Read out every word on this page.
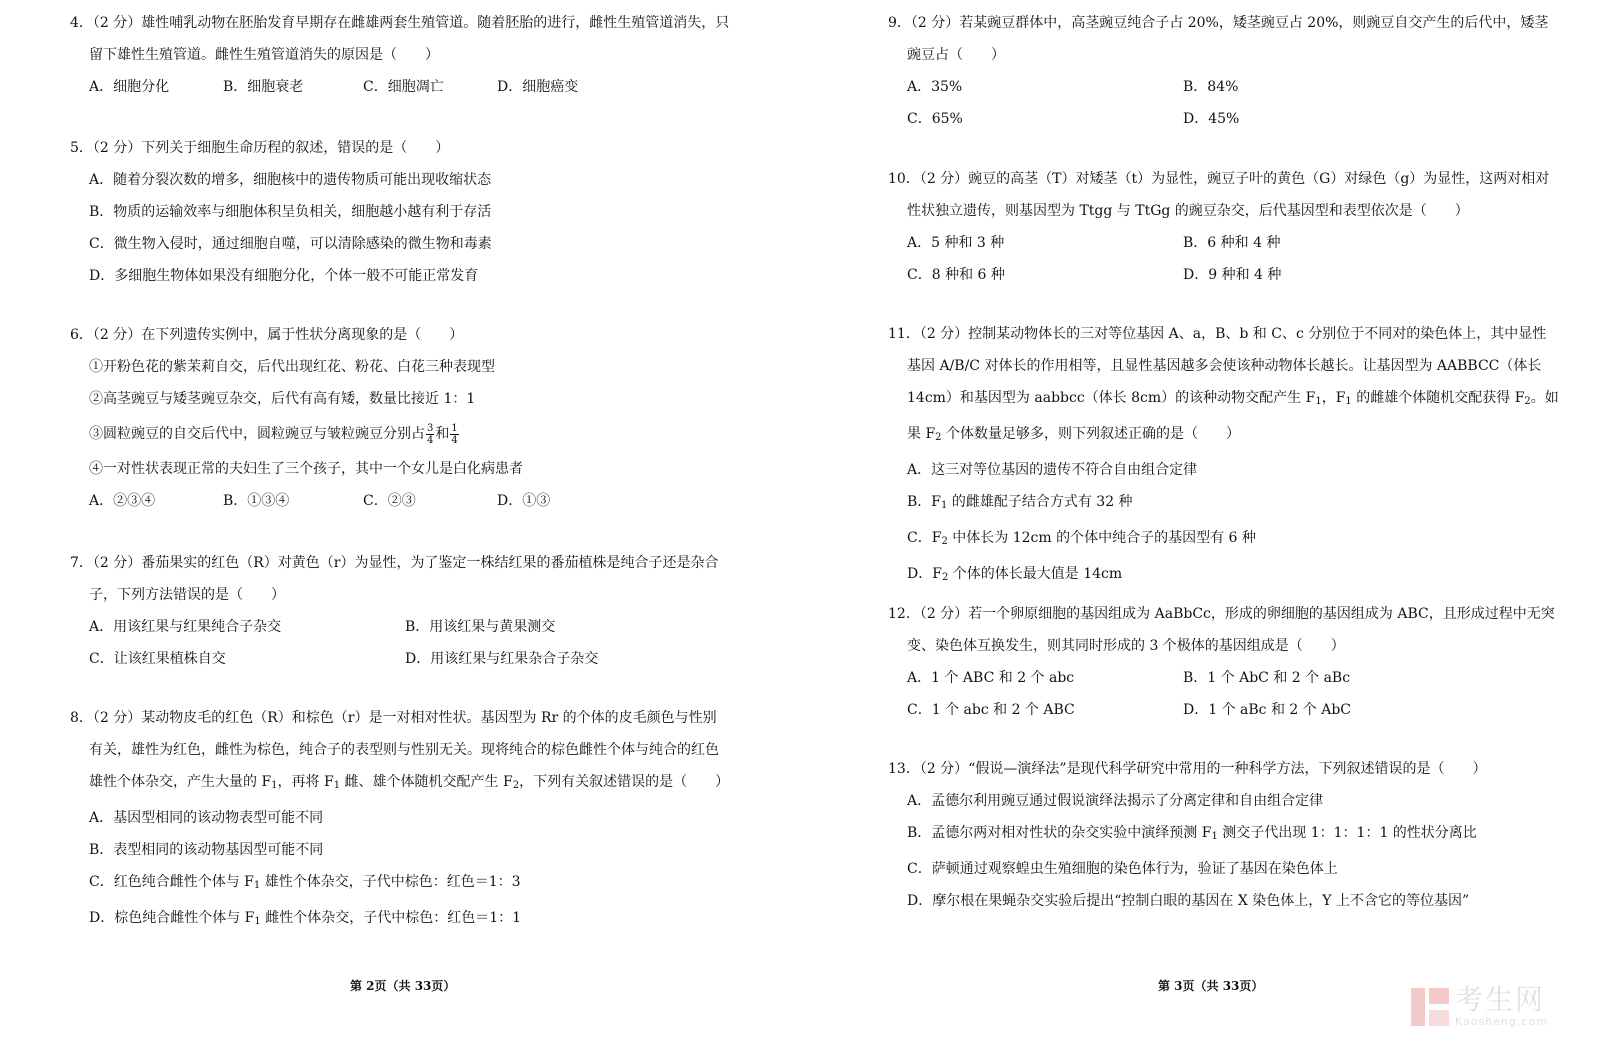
4．（2 分）雄性哺乳动物在胚胎发育早期存在雌雄两套生殖管道。随着胚胎的进行，雌性生殖管道消失，只留下雄性生殖管道。雌性生殖管道消失的原因是（　　）
A．细胞分化	B．细胞衰老	C．细胞凋亡	D．细胞癌变
5．（2 分）下列关于细胞生命历程的叙述，错误的是（　　）
A．随着分裂次数的增多，细胞核中的遗传物质可能出现收缩状态
B．物质的运输效率与细胞体积呈负相关，细胞越小越有利于存活
C．微生物入侵时，通过细胞自噬，可以清除感染的微生物和毒素
D．多细胞生物体如果没有细胞分化，个体一般不可能正常发育
6．（2 分）在下列遗传实例中，属于性状分离现象的是（　　）
①开粉色花的紫茉莉自交，后代出现红花、粉花、白花三种表现型
②高茎豌豆与矮茎豌豆杂交，后代有高有矮，数量比接近 1：1
③圆粒豌豆的自交后代中，圆粒豌豆与皱粒豌豆分别占 $\frac{3}{4}$ 和 $\frac{1}{4}$
④一对性状表现正常的夫妇生了三个孩子，其中一个女儿是白化病患者
A．②③④	B．①③④	C．②③	D．①③
7．（2 分）番茄果实的红色（R）对黄色（r）为显性，为了鉴定一株结红果的番茄植株是纯合子还是杂合子，下列方法错误的是（　　）
A．用该红果与红果纯合子杂交	B．用该红果与黄果测交
C．让该红果植株自交	D．用该红果与红果杂合子杂交
8．（2 分）某动物皮毛的红色（R）和棕色（r）是一对相对性状。基因型为 Rr 的个体的皮毛颜色与性别有关，雄性为红色，雌性为棕色，纯合子的表型则与性别无关。现将纯合的棕色雌性个体与纯合的红色雄性个体杂交，产生大量的 $F_1$，再将 $F_1$ 雌、雄个体随机交配产生 $F_2$，下列有关叙述错误的是（　　）
A．基因型相同的该动物表型可能不同
B．表型相同的该动物基因型可能不同
C．红色纯合雌性个体与 $F_1$ 雄性个体杂交，子代中棕色：红色＝1：3
D．棕色纯合雌性个体与 $F_1$ 雌性个体杂交，子代中棕色：红色＝1：1
第 2页（共 33页）
9．（2 分）若某豌豆群体中，高茎豌豆纯合子占 20%，矮茎豌豆占 20%，则豌豆自交产生的后代中，矮茎豌豆占（　　）
A．35%	B．84%
C．65%	D．45%
10．（2 分）豌豆的高茎（T）对矮茎（t）为显性，豌豆子叶的黄色（G）对绿色（g）为显性，这两对相对性状独立遗传，则基因型为 Ttgg 与 TtGg 的豌豆杂交，后代基因型和表型依次是（　　）
A．5 种和 3 种	B．6 种和 4 种
C．8 种和 6 种	D．9 种和 4 种
11．（2 分）控制某动物体长的三对等位基因 A、a，B、b 和 C、c 分别位于不同对的染色体上，其中显性基因 A/B/C 对体长的作用相等，且显性基因越多会使该种动物体长越长。让基因型为 AABBCC（体长 14cm）和基因型为 aabbcc（体长 8cm）的该种动物交配产生 $F_1$，$F_1$ 的雌雄个体随机交配获得 $F_2$。如果 $F_2$ 个体数量足够多，则下列叙述正确的是（　　）
A．这三对等位基因的遗传不符合自由组合定律
B．$F_1$ 的雌雄配子结合方式有 32 种
C．$F_2$ 中体长为 12cm 的个体中纯合子的基因型有 6 种
D．$F_2$ 个体的体长最大值是 14cm
12．（2 分）若一个卵原细胞的基因组成为 AaBbCc，形成的卵细胞的基因组成为 ABC，且形成过程中无突变、染色体互换发生，则其同时形成的 3 个极体的基因组成是（　　）
A．1 个 ABC 和 2 个 abc	B．1 个 AbC 和 2 个 aBc
C．1 个 abc 和 2 个 ABC	D．1 个 aBc 和 2 个 AbC
13．（2 分）“假说—演绎法”是现代科学研究中常用的一种科学方法，下列叙述错误的是（　　）
A．孟德尔利用豌豆通过假说演绎法揭示了分离定律和自由组合定律
B．孟德尔两对相对性状的杂交实验中演绎预测 $F_1$ 测交子代出现 1：1：1：1 的性状分离比
C．萨顿通过观察蝗虫生殖细胞的染色体行为，验证了基因在染色体上
D．摩尔根在果蝇杂交实验后提出“控制白眼的基因在 X 染色体上，Y 上不含它的等位基因”
第 3页（共 33页）	考生网
Kaosheng.com
